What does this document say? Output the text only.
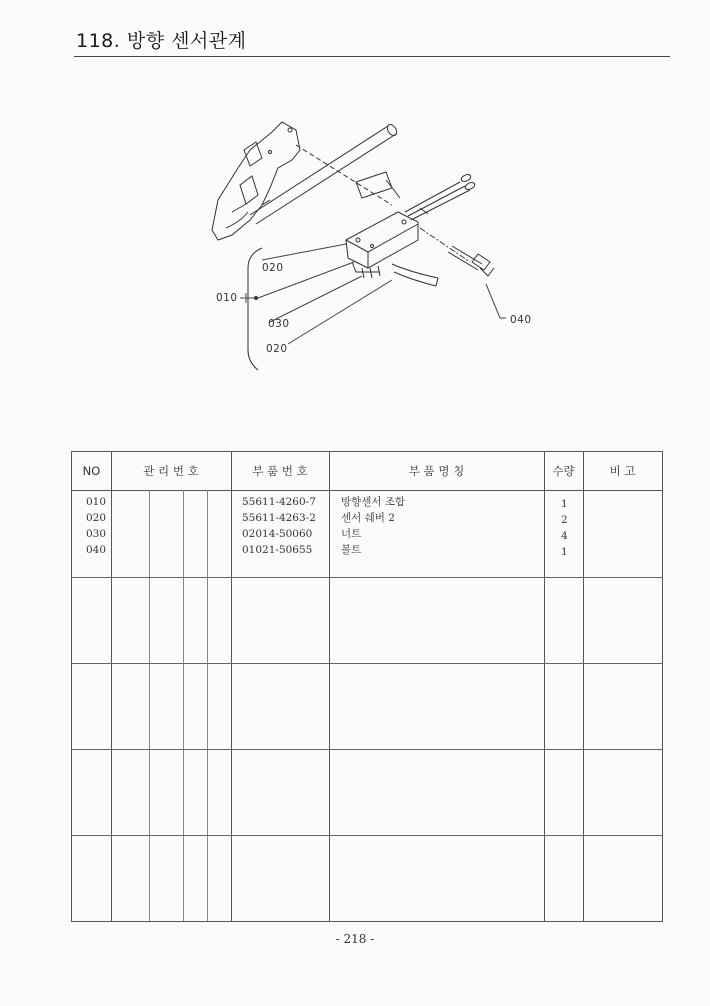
118. 방향 센서관계
020
010
030
020
040
NO	관 리 번 호	부 품 번 호	부 품 명 칭	수량	비 고
010	55611-4260-7 방향센서 조합	1
020	55611-4263-2 센서 쉐버 2	2
030	02014-50060	너트	4
040	01021-50655	볼트	1
- 218 -
